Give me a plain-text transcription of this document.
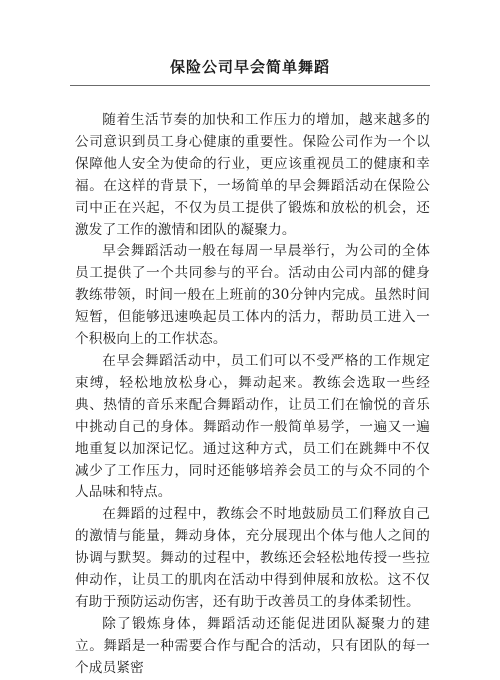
保险公司早会简单舞蹈

随着生活节奏的加快和工作压力的增加，越来越多的公司意识到员工身心健康的重要性。保险公司作为一个以保障他人安全为使命的行业，更应该重视员工的健康和幸福。在这样的背景下，一场简单的早会舞蹈活动在保险公司中正在兴起，不仅为员工提供了锻炼和放松的机会，还激发了工作的激情和团队的凝聚力。

早会舞蹈活动一般在每周一早晨举行，为公司的全体员工提供了一个共同参与的平台。活动由公司内部的健身教练带领，时间一般在上班前的30分钟内完成。虽然时间短暂，但能够迅速唤起员工体内的活力，帮助员工进入一个积极向上的工作状态。

在早会舞蹈活动中，员工们可以不受严格的工作规定束缚，轻松地放松身心，舞动起来。教练会选取一些经典、热情的音乐来配合舞蹈动作，让员工们在愉悦的音乐中挑动自己的身体。舞蹈动作一般简单易学，一遍又一遍地重复以加深记忆。通过这种方式，员工们在跳舞中不仅减少了工作压力，同时还能够培养会员工的与众不同的个人品味和特点。

在舞蹈的过程中，教练会不时地鼓励员工们释放自己的激情与能量，舞动身体，充分展现出个体与他人之间的协调与默契。舞动的过程中，教练还会轻松地传授一些拉伸动作，让员工的肌肉在活动中得到伸展和放松。这不仅有助于预防运动伤害，还有助于改善员工的身体柔韧性。

除了锻炼身体，舞蹈活动还能促进团队凝聚力的建立。舞蹈是一种需要合作与配合的活动，只有团队的每一个成员紧密
